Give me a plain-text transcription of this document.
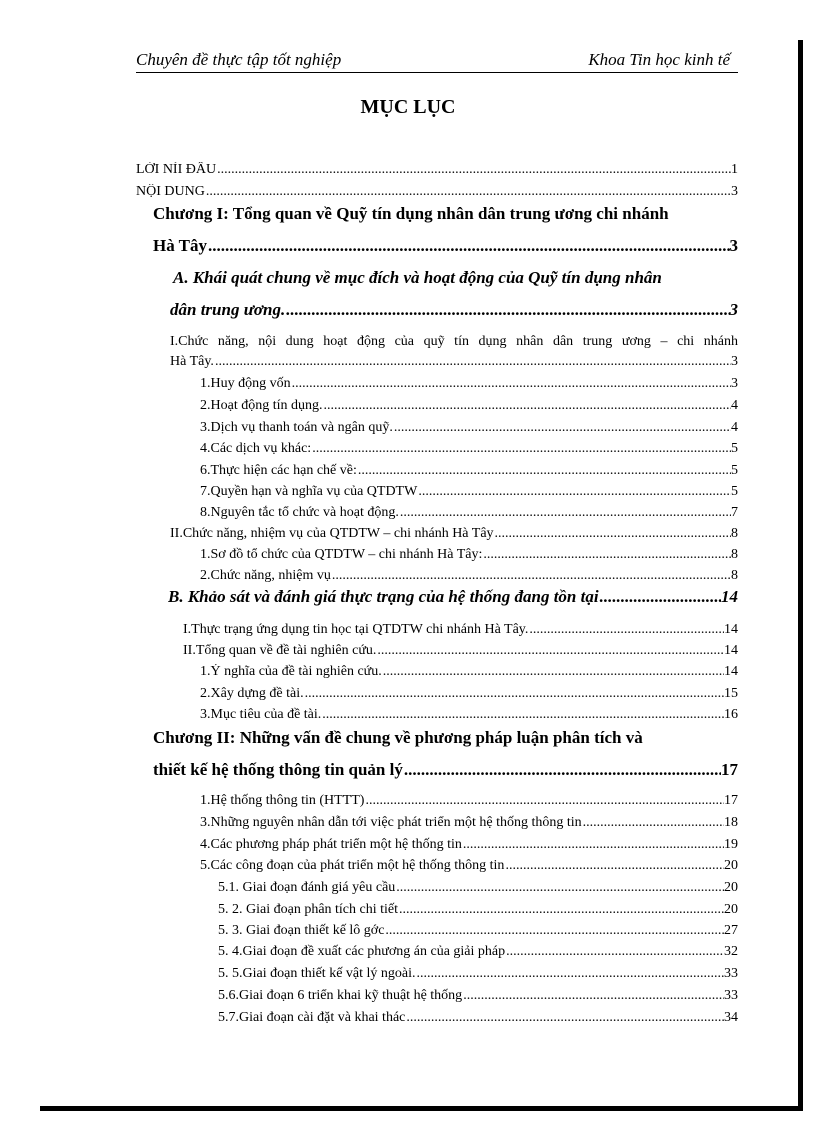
Chuyên đề thực tập tốt nghiệp	Khoa Tin học kinh tế
MỤC LỤC
LỜI NỈI ĐẦU .....	1
NỘI DUNG .....	3
Chương I: Tổng quan về Quỹ tín dụng nhân dân trung ương chi nhánh
Hà Tây .....	3
A. Khái quát chung về mục đích và hoạt động của Quỹ tín dụng nhân
dân trung ương. .....	3
I.Chức năng, nội dung hoạt động của quỹ tín dụng nhân dân trung ương – chi nhánh
Hà Tây. .....	3
1.Huy động vốn .....	3
2.Hoạt động tín dụng. .....	4
3.Dịch vụ thanh toán và ngân quỹ. .....	4
4.Các dịch vụ khác: .....	5
6.Thực hiện các hạn chế về: .....	5
7.Quyền hạn và nghĩa vụ của QTDTW .....	5
8.Nguyên tắc tổ chức và hoạt động. .....	7
II.Chức năng, nhiệm vụ của QTDTW – chi nhánh Hà Tây .....	8
1.Sơ đồ tổ chức của QTDTW – chi nhánh Hà Tây: .....	8
2.Chức năng, nhiệm vụ .....	8
B. Khảo sát và đánh giá thực trạng của hệ thống đang tồn tại .....	14
I.Thực trạng ứng dụng tin học tại QTDTW chi nhánh Hà Tây. .....	14
II.Tổng quan về đề tài nghiên cứu. .....	14
1.Ý nghĩa của đề tài nghiên cứu. .....	14
2.Xây dựng đề tài. .....	15
3.Mục tiêu của đề tài. .....	16
Chương II: Những vấn đề chung về phương pháp luận phân tích và
thiết kế hệ thống thông tin quản lý .....	17
1.Hệ thống thông tin (HTTT) .....	17
3.Những nguyên nhân dẫn tới việc phát triển một hệ thống thông tin .....	18
4.Các phương pháp phát triển một hệ thống tin .....	19
5.Các công đoạn của phát triển một hệ thống thông tin .....	20
5.1. Giai đoạn đánh giá yêu cầu .....	20
5. 2. Giai đoạn phân tích chi tiết .....	20
5. 3. Giai đoạn thiết kế lô gớc .....	27
5. 4.Giai đoạn đề xuất các phương án của giải pháp .....	32
5. 5.Giai đoạn thiết kế vật lý ngoài. .....	33
5.6.Giai đoạn 6 triển khai kỹ thuật hệ thống .....	33
5.7.Giai đoạn cài đặt và khai thác .....	34
